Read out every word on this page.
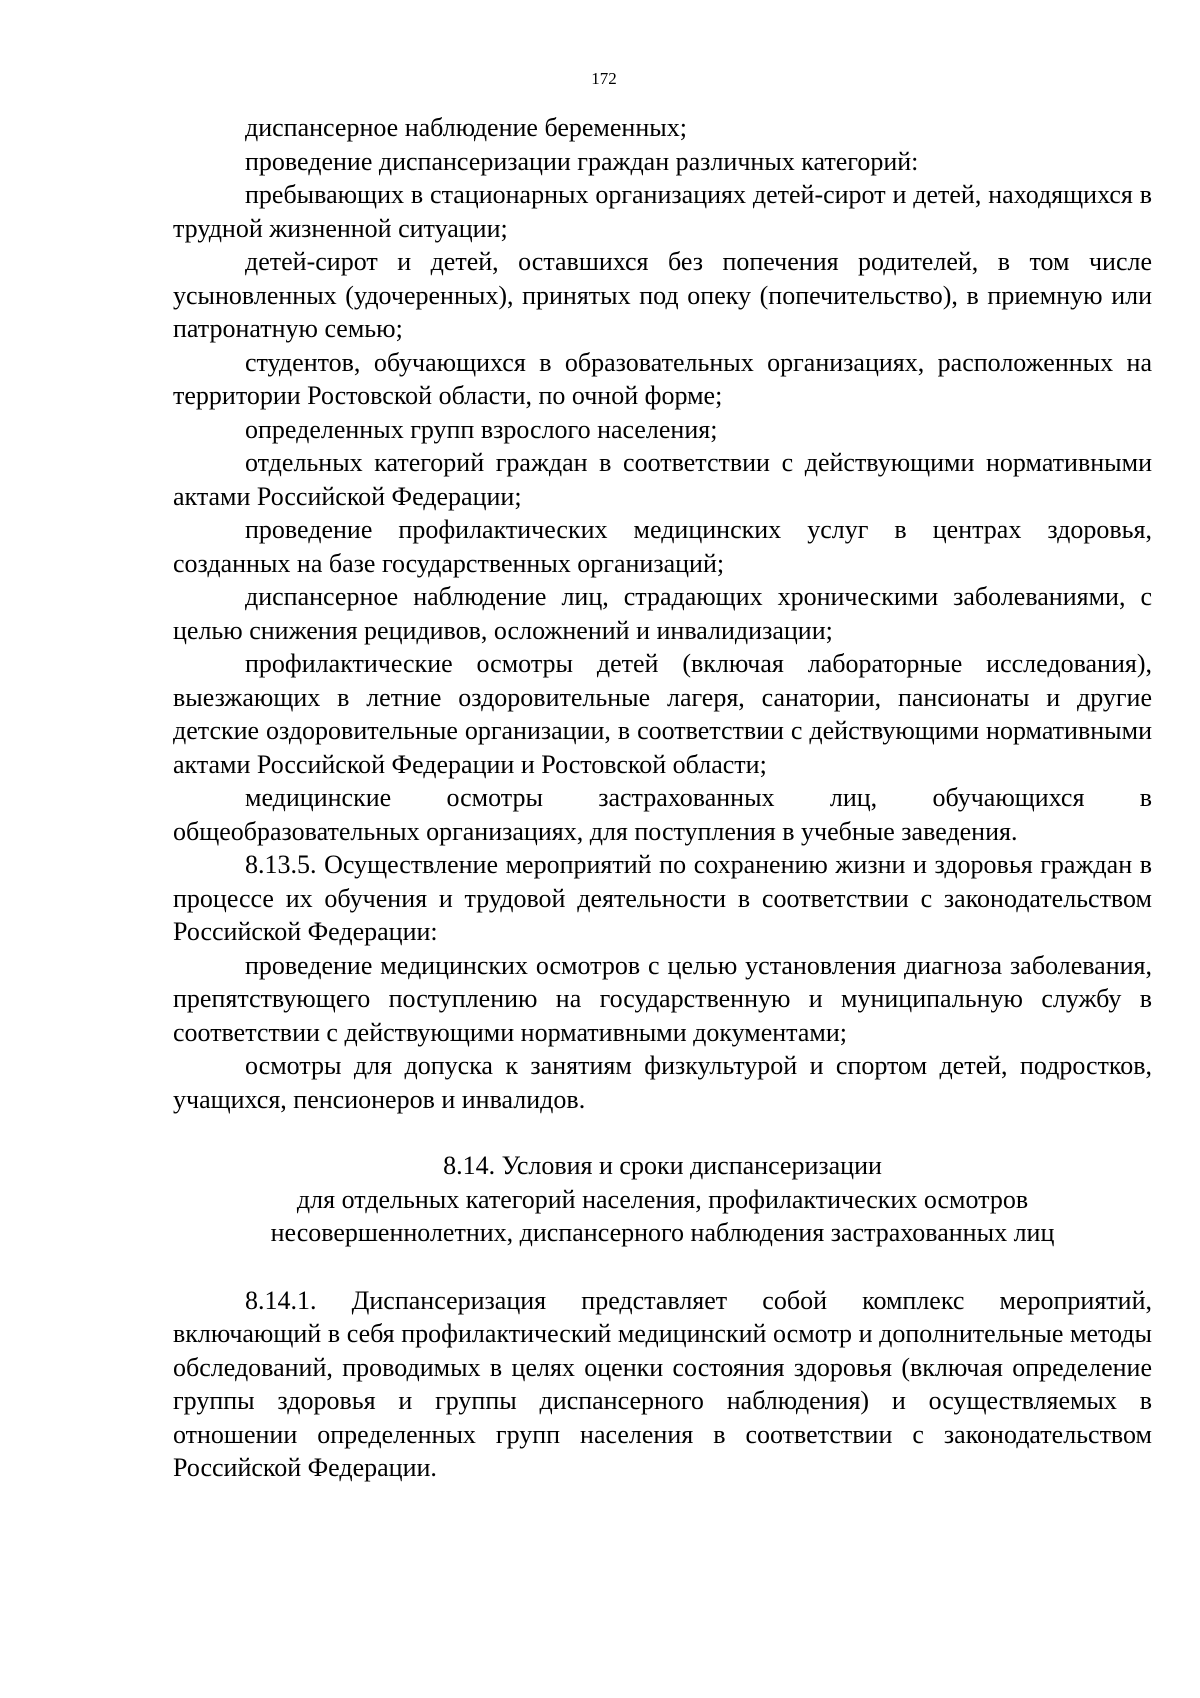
172

диспансерное наблюдение беременных;

проведение диспансеризации граждан различных категорий:

пребывающих в стационарных организациях детей-сирот и детей, находящихся в трудной жизненной ситуации;

детей-сирот и детей, оставшихся без попечения родителей, в том числе усыновленных (удочеренных), принятых под опеку (попечительство), в приемную или патронатную семью;

студентов, обучающихся в образовательных организациях, расположенных на территории Ростовской области, по очной форме;

определенных групп взрослого населения;

отдельных категорий граждан в соответствии с действующими нормативными актами Российской Федерации;

проведение профилактических медицинских услуг в центрах здоровья, созданных на базе государственных организаций;

диспансерное наблюдение лиц, страдающих хроническими заболеваниями, с целью снижения рецидивов, осложнений и инвалидизации;

профилактические осмотры детей (включая лабораторные исследования), выезжающих в летние оздоровительные лагеря, санатории, пансионаты и другие детские оздоровительные организации, в соответствии с действующими нормативными актами Российской Федерации и Ростовской области;

медицинские осмотры застрахованных лиц, обучающихся в общеобразовательных организациях, для поступления в учебные заведения.

8.13.5. Осуществление мероприятий по сохранению жизни и здоровья граждан в процессе их обучения и трудовой деятельности в соответствии с законодательством Российской Федерации:

проведение медицинских осмотров с целью установления диагноза заболевания, препятствующего поступлению на государственную и муниципальную службу в соответствии с действующими нормативными документами;

осмотры для допуска к занятиям физкультурой и спортом детей, подростков, учащихся, пенсионеров и инвалидов.

8.14. Условия и сроки диспансеризации
для отдельных категорий населения, профилактических осмотров
несовершеннолетних, диспансерного наблюдения застрахованных лиц

8.14.1. Диспансеризация представляет собой комплекс мероприятий, включающий в себя профилактический медицинский осмотр и дополнительные методы обследований, проводимых в целях оценки состояния здоровья (включая определение группы здоровья и группы диспансерного наблюдения) и осуществляемых в отношении определенных групп населения в соответствии с законодательством Российской Федерации.
